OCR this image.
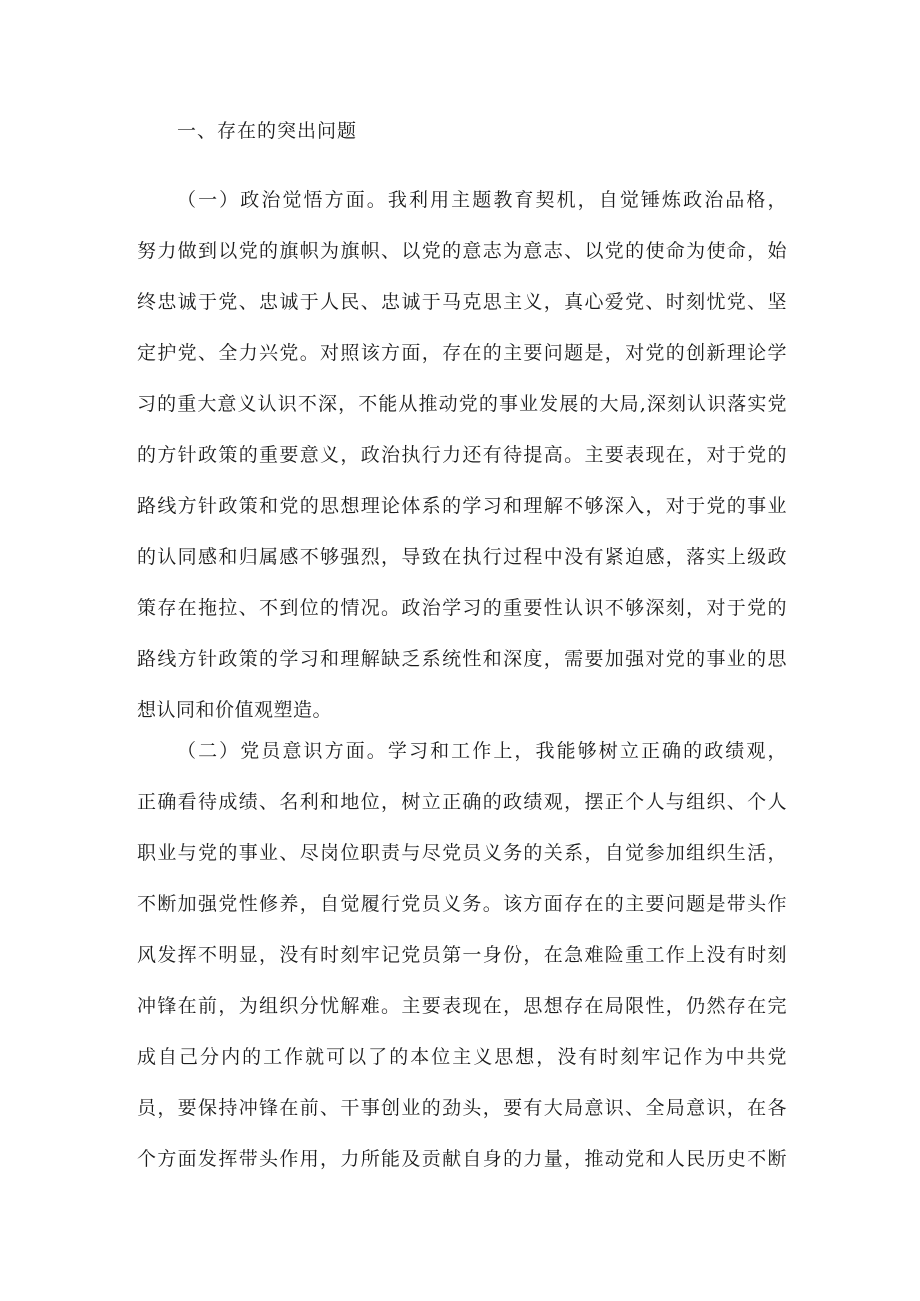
一、存在的突出问题
（一）政治觉悟方面。我利用主题教育契机，自觉锤炼政治品格，
努力做到以党的旗帜为旗帜、以党的意志为意志、以党的使命为使命，始
终忠诚于党、忠诚于人民、忠诚于马克思主义，真心爱党、时刻忧党、坚
定护党、全力兴党。对照该方面，存在的主要问题是，对党的创新理论学
习的重大意义认识不深，不能从推动党的事业发展的大局,深刻认识落实党
的方针政策的重要意义，政治执行力还有待提高。主要表现在，对于党的
路线方针政策和党的思想理论体系的学习和理解不够深入，对于党的事业
的认同感和归属感不够强烈，导致在执行过程中没有紧迫感，落实上级政
策存在拖拉、不到位的情况。政治学习的重要性认识不够深刻，对于党的
路线方针政策的学习和理解缺乏系统性和深度，需要加强对党的事业的思
想认同和价值观塑造。
（二）党员意识方面。学习和工作上，我能够树立正确的政绩观，
正确看待成绩、名利和地位，树立正确的政绩观，摆正个人与组织、个人
职业与党的事业、尽岗位职责与尽党员义务的关系，自觉参加组织生活，
不断加强党性修养，自觉履行党员义务。该方面存在的主要问题是带头作
风发挥不明显，没有时刻牢记党员第一身份，在急难险重工作上没有时刻
冲锋在前，为组织分忧解难。主要表现在，思想存在局限性，仍然存在完
成自己分内的工作就可以了的本位主义思想，没有时刻牢记作为中共党
员，要保持冲锋在前、干事创业的劲头，要有大局意识、全局意识，在各
个方面发挥带头作用，力所能及贡献自身的力量，推动党和人民历史不断
